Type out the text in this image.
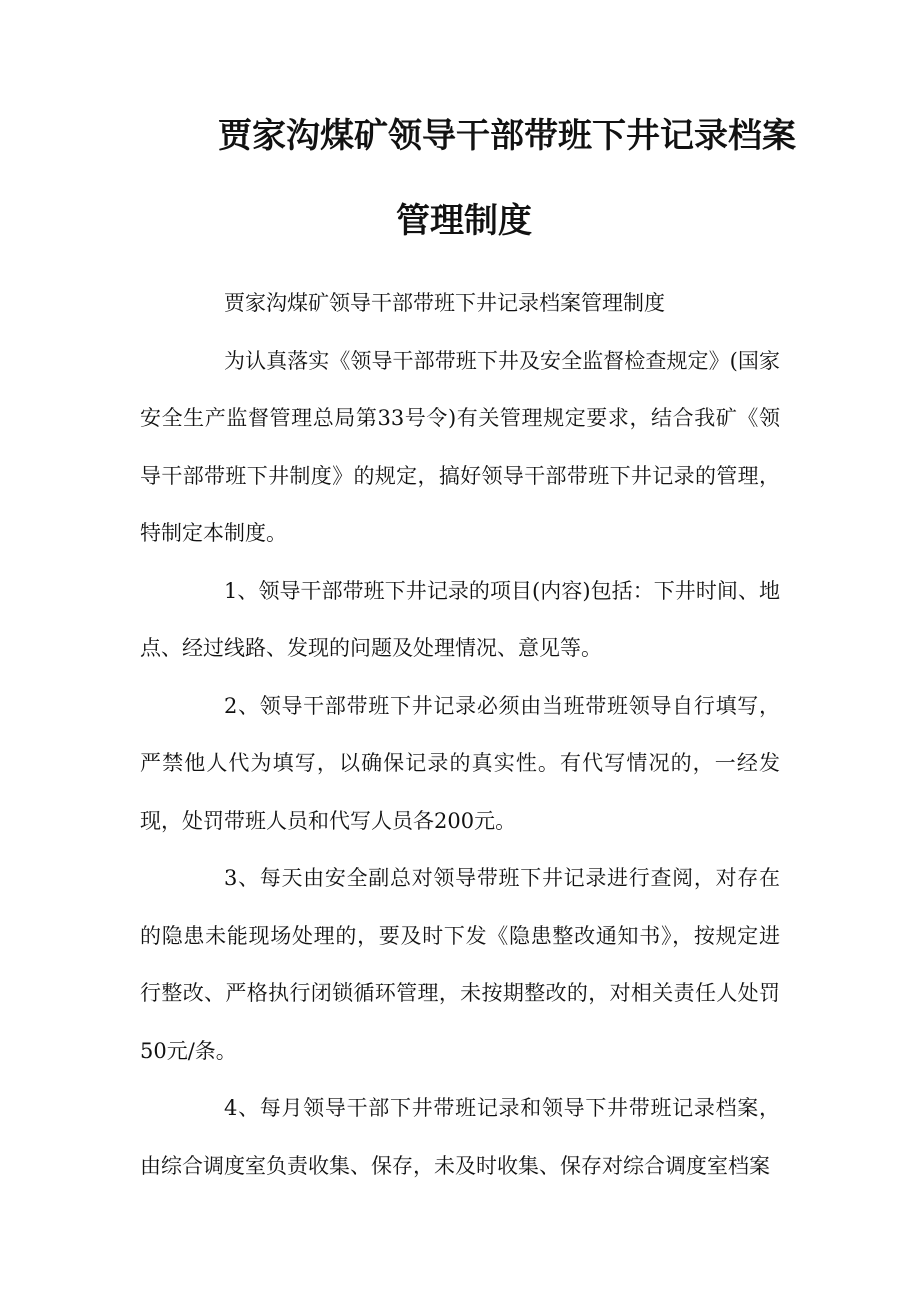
贾家沟煤矿领导干部带班下井记录档案
管理制度

贾家沟煤矿领导干部带班下井记录档案管理制度

为认真落实《领导干部带班下井及安全监督检查规定》(国家安全生产监督管理总局第33号令)有关管理规定要求，结合我矿《领导干部带班下井制度》的规定，搞好领导干部带班下井记录的管理，特制定本制度。

1、领导干部带班下井记录的项目(内容)包括：下井时间、地点、经过线路、发现的问题及处理情况、意见等。

2、领导干部带班下井记录必须由当班带班领导自行填写，严禁他人代为填写，以确保记录的真实性。有代写情况的，一经发现，处罚带班人员和代写人员各200元。

3、每天由安全副总对领导带班下井记录进行查阅，对存在的隐患未能现场处理的，要及时下发《隐患整改通知书》，按规定进行整改、严格执行闭锁循环管理，未按期整改的，对相关责任人处罚50元/条。

4、每月领导干部下井带班记录和领导下井带班记录档案，由综合调度室负责收集、保存，未及时收集、保存对综合调度室档案
